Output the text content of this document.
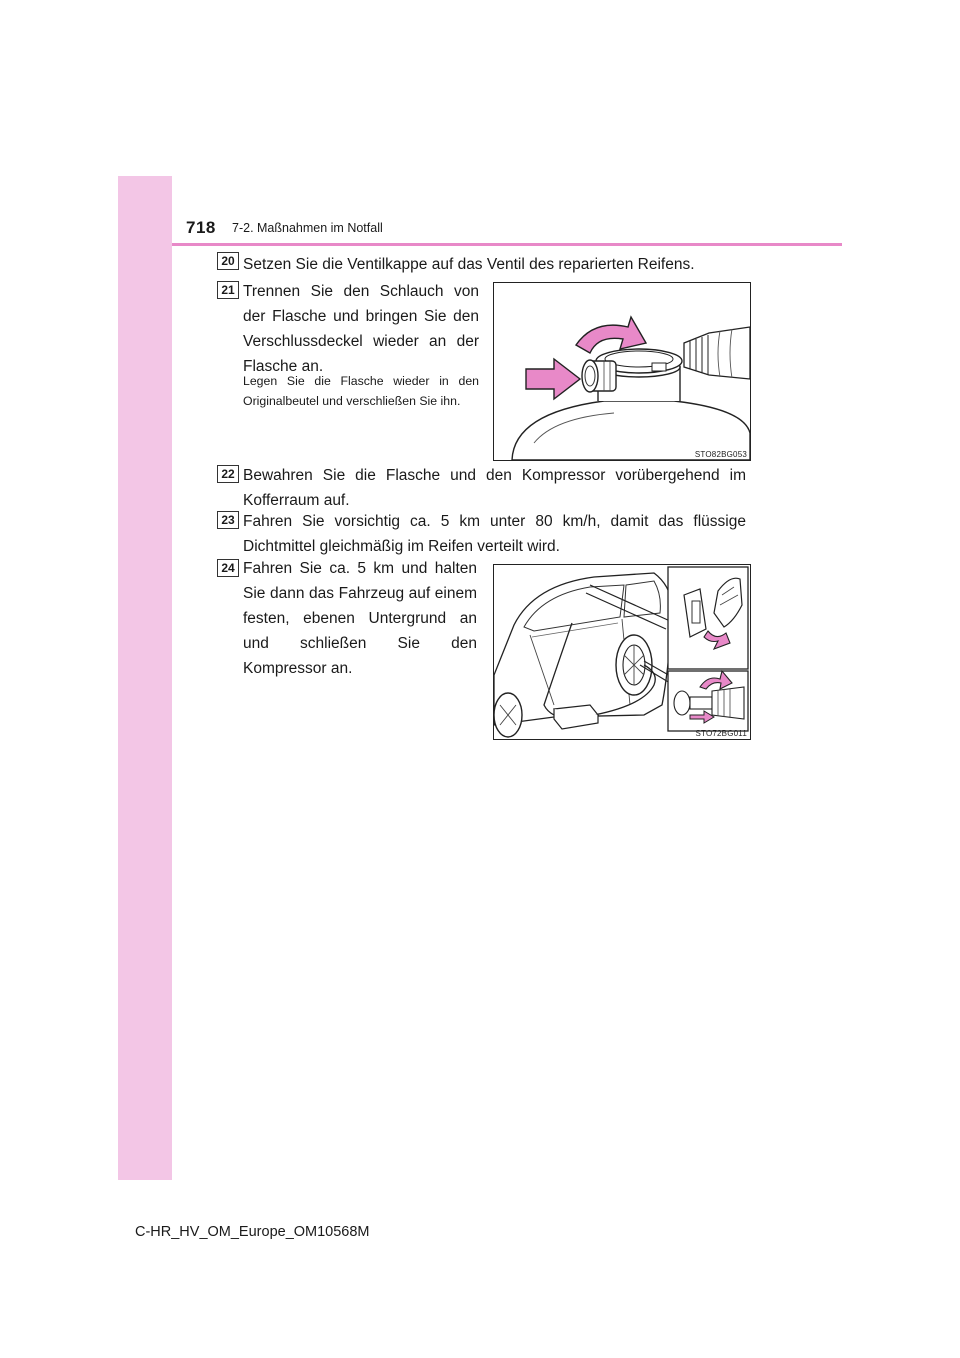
718 7-2. Maßnahmen im Notfall
20 Setzen Sie die Ventilkappe auf das Ventil des reparierten Reifens.
21 Trennen Sie den Schlauch von der Flasche und bringen Sie den Verschlussdeckel wieder an der Flasche an.
Legen Sie die Flasche wieder in den Originalbeutel und verschließen Sie ihn.
STO82BG053
22 Bewahren Sie die Flasche und den Kompressor vorübergehend im Kofferraum auf.
23 Fahren Sie vorsichtig ca. 5 km unter 80 km/h, damit das flüssige Dichtmittel gleichmäßig im Reifen verteilt wird.
24 Fahren Sie ca. 5 km und halten Sie dann das Fahrzeug auf einem festen, ebenen Untergrund an und schließen Sie den Kompressor an.
STO72BG011
C-HR_HV_OM_Europe_OM10568M
